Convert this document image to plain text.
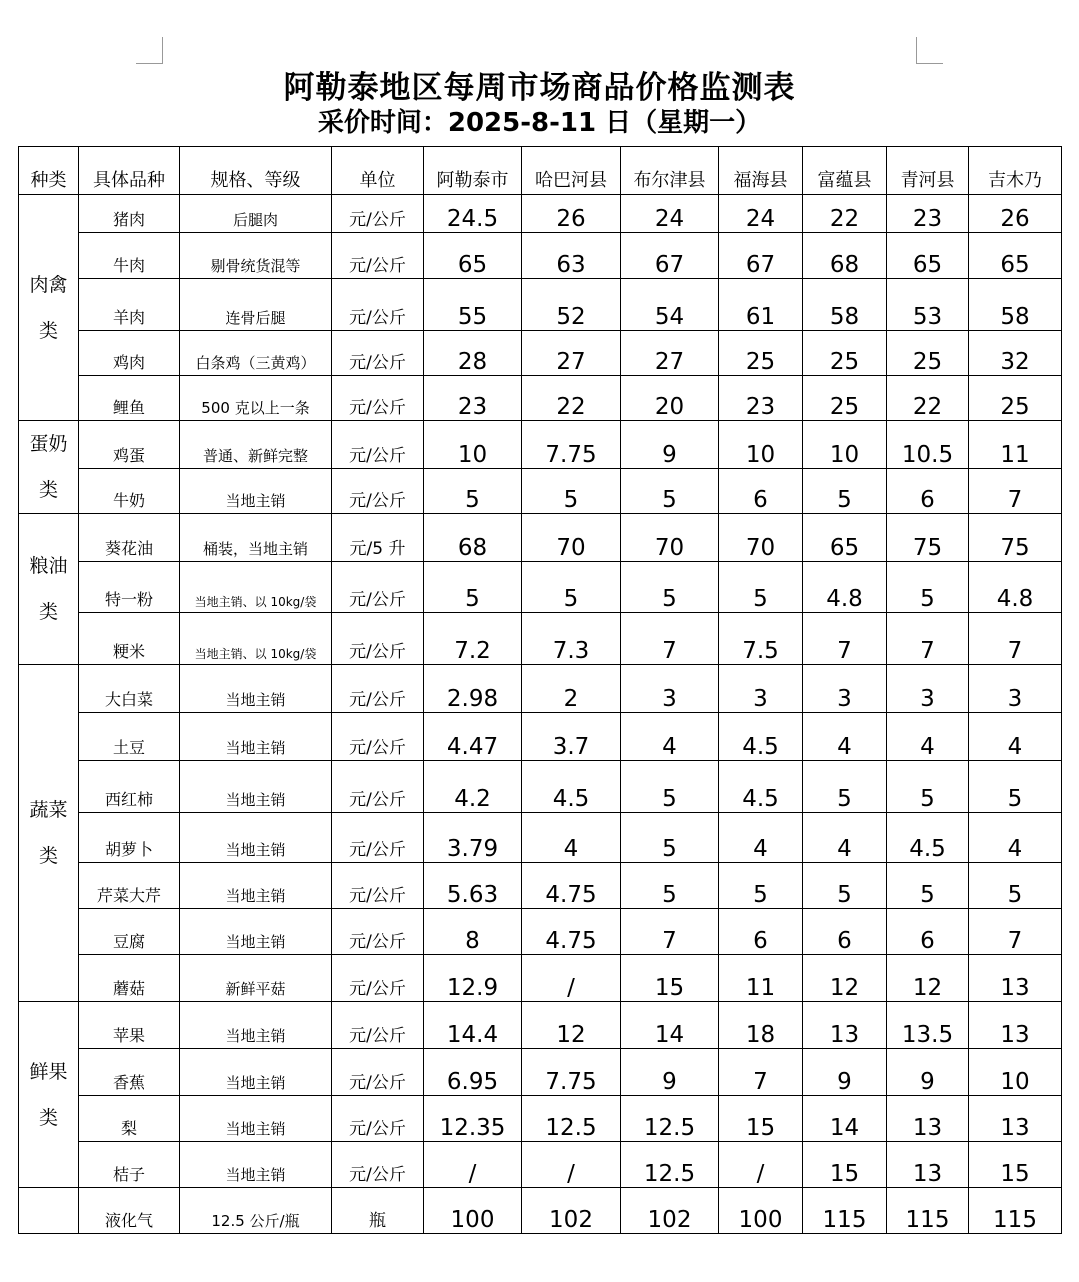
阿勒泰地区每周市场商品价格监测表
采价时间：2025-8-11 日（星期一）
种类	具体品种	规格、等级	单位	阿勒泰市	哈巴河县	布尔津县	福海县	富蕴县	青河县	吉木乃

肉禽
类	猪肉	后腿肉	元/公斤	24.5	26	24	24	22	23	26
	牛肉	剔骨统货混等	元/公斤	65	63	67	67	68	65	65
	羊肉	连骨后腿	元/公斤	55	52	54	61	58	53	58
	鸡肉	白条鸡（三黄鸡）	元/公斤	28	27	27	25	25	25	32
	鲤鱼	500 克以上一条	元/公斤	23	22	20	23	25	22	25

蛋奶
类	鸡蛋	普通、新鲜完整	元/公斤	10	7.75	9	10	10	10.5	11
	牛奶	当地主销	元/公斤	5	5	5	6	5	6	7

粮油
类	葵花油	桶装，当地主销	元/5 升	68	70	70	70	65	75	75
	特一粉	当地主销、以 10kg/袋	元/公斤	5	5	5	5	4.8	5	4.8
	粳米	当地主销、以 10kg/袋	元/公斤	7.2	7.3	7	7.5	7	7	7

蔬菜
类	大白菜	当地主销	元/公斤	2.98	2	3	3	3	3	3
	土豆	当地主销	元/公斤	4.47	3.7	4	4.5	4	4	4
	西红柿	当地主销	元/公斤	4.2	4.5	5	4.5	5	5	5
	胡萝卜	当地主销	元/公斤	3.79	4	5	4	4	4.5	4
	芹菜大芹	当地主销	元/公斤	5.63	4.75	5	5	5	5	5
	豆腐	当地主销	元/公斤	8	4.75	7	6	6	6	7
	蘑菇	新鲜平菇	元/公斤	12.9	/	15	11	12	12	13

鲜果
类	苹果	当地主销	元/公斤	14.4	12	14	18	13	13.5	13
	香蕉	当地主销	元/公斤	6.95	7.75	9	7	9	9	10
	梨	当地主销	元/公斤	12.35	12.5	12.5	15	14	13	13
	桔子	当地主销	元/公斤	/	/	12.5	/	15	13	15

	液化气	12.5 公斤/瓶	瓶	100	102	102	100	115	115	115
